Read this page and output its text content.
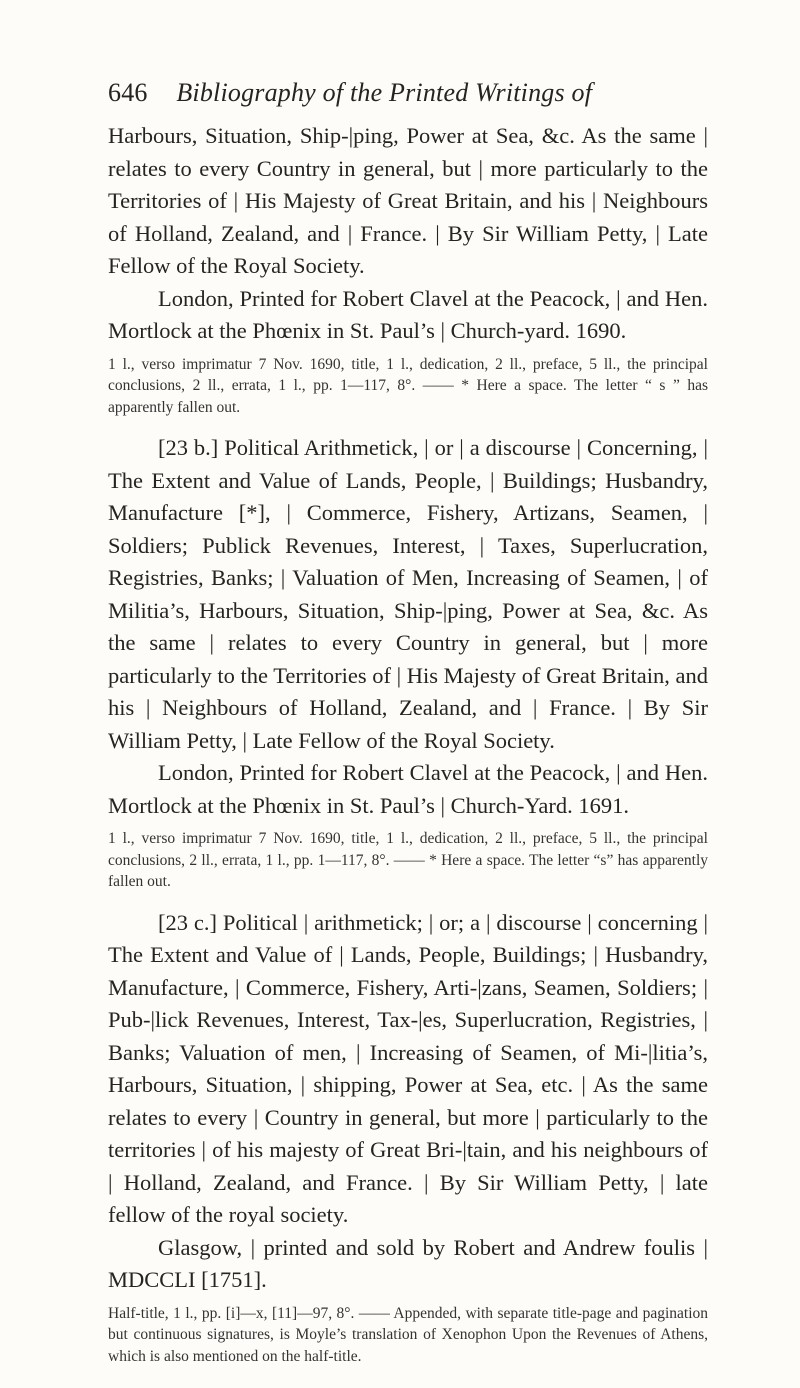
646 Bibliography of the Printed Writings of

Harbours, Situation, Ship-|ping, Power at Sea, &c. As the same | relates to every Country in general, but | more particularly to the Territories of | His Majesty of Great Britain, and his | Neighbours of Holland, Zealand, and | France. | By Sir William Petty, | Late Fellow of the Royal Society.

London, Printed for Robert Clavel at the Peacock, | and Hen. Mortlock at the Phœnix in St. Paul’s | Church-yard. 1690.

1 l., verso imprimatur 7 Nov. 1690, title, 1 l., dedication, 2 ll., preface, 5 ll., the principal conclusions, 2 ll., errata, 1 l., pp. 1—117, 8°. —— * Here a space. The letter “ s ” has apparently fallen out.

[23 b.] Political Arithmetick, | or | a discourse | Concerning, | The Extent and Value of Lands, People, | Buildings; Husbandry, Manufacture [*], | Commerce, Fishery, Artizans, Seamen, | Soldiers; Publick Revenues, Interest, | Taxes, Superlucration, Registries, Banks; | Valuation of Men, Increasing of Seamen, | of Militia’s, Harbours, Situation, Ship-|ping, Power at Sea, &c. As the same | relates to every Country in general, but | more particularly to the Territories of | His Majesty of Great Britain, and his | Neighbours of Holland, Zealand, and | France. | By Sir William Petty, | Late Fellow of the Royal Society.

London, Printed for Robert Clavel at the Peacock, | and Hen. Mortlock at the Phœnix in St. Paul’s | Church-Yard. 1691.

1 l., verso imprimatur 7 Nov. 1690, title, 1 l., dedication, 2 ll., preface, 5 ll., the principal conclusions, 2 ll., errata, 1 l., pp. 1—117, 8°. —— * Here a space. The letter “s” has apparently fallen out.

[23 c.] Political | arithmetick; | or; a | discourse | concerning | The Extent and Value of | Lands, People, Buildings; | Husbandry, Manufacture, | Commerce, Fishery, Arti-|zans, Seamen, Soldiers; | Pub-|lick Revenues, Interest, Tax-|es, Superlucration, Registries, | Banks; Valuation of men, | Increasing of Seamen, of Mi-|litia’s, Harbours, Situation, | shipping, Power at Sea, etc. | As the same relates to every | Country in general, but more | particularly to the territories | of his majesty of Great Bri-|tain, and his neighbours of | Holland, Zealand, and France. | By Sir William Petty, | late fellow of the royal society.

Glasgow, | printed and sold by Robert and Andrew foulis | MDCCLI [1751].

Half-title, 1 l., pp. [i]—x, [11]—97, 8°. —— Appended, with separate title-page and pagination but continuous signatures, is Moyle’s translation of Xenophon Upon the Revenues of Athens, which is also mentioned on the half-title.
